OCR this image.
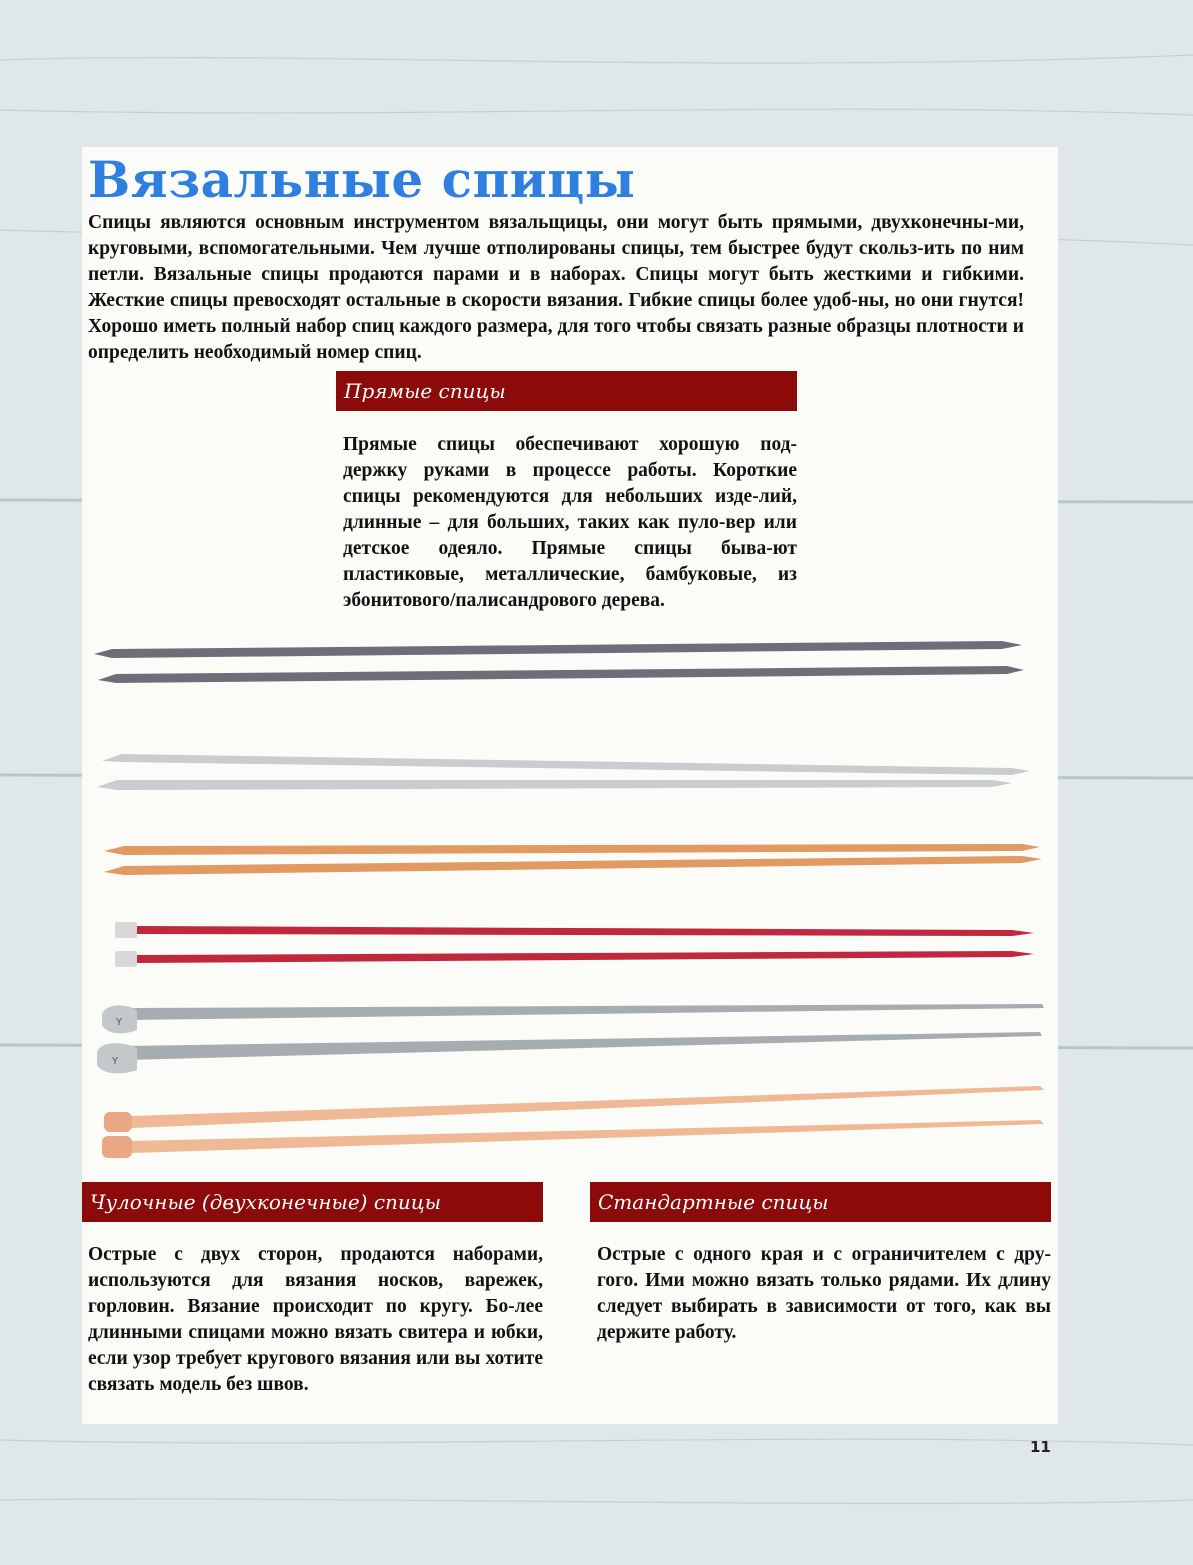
Вязальные спицы

Спицы являются основным инструментом вязальщицы, они могут быть прямыми, двухконечны-ми, круговыми, вспомогательными. Чем лучше отполированы спицы, тем быстрее будут скольз-ить по ним петли. Вязальные спицы продаются парами и в наборах. Спицы могут быть жесткими и гибкими. Жесткие спицы превосходят остальные в скорости вязания. Гибкие спицы более удоб-ны, но они гнутся! Хорошо иметь полный набор спиц каждого размера, для того чтобы связать разные образцы плотности и определить необходимый номер спиц.

Прямые спицы

Прямые спицы обеспечивают хорошую под-держку руками в процессе работы. Короткие спицы рекомендуются для небольших изде-лий, длинные – для больших, таких как пуло-вер или детское одеяло. Прямые спицы быва-ют пластиковые, металлические, бамбуковые, из эбонитового/палисандрового дерева.

Y
Y
Чулочные (двухконечные) спицы

Острые с двух сторон, продаются наборами, используются для вязания носков, варежек, горловин. Вязание происходит по кругу. Бо-лее длинными спицами можно вязать свитера и юбки, если узор требует кругового вязания или вы хотите связать модель без швов.

Стандартные спицы

Острые с одного края и с ограничителем с дру-гого. Ими можно вязать только рядами. Их длину следует выбирать в зависимости от того, как вы держите работу.

11
